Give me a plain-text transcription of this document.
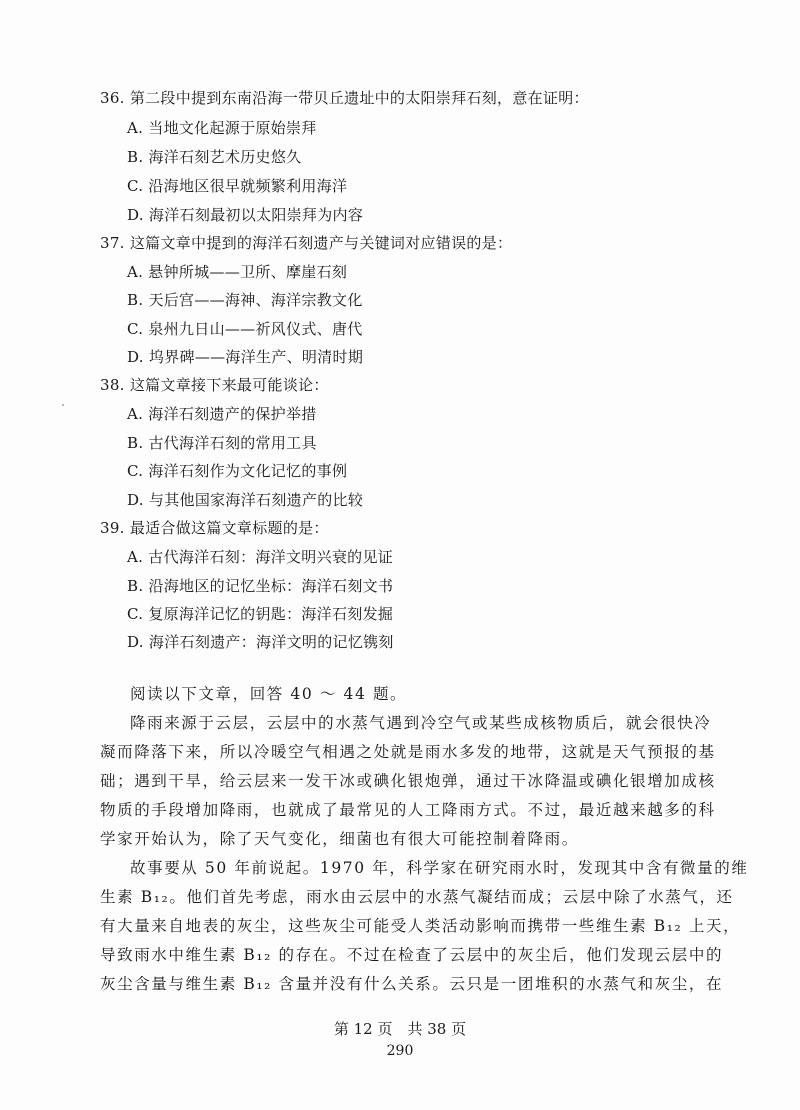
36. 第二段中提到东南沿海一带贝丘遗址中的太阳崇拜石刻，意在证明：
A. 当地文化起源于原始崇拜
B. 海洋石刻艺术历史悠久
C. 沿海地区很早就频繁利用海洋
D. 海洋石刻最初以太阳崇拜为内容
37. 这篇文章中提到的海洋石刻遗产与关键词对应错误的是：
A. 悬钟所城——卫所、摩崖石刻
B. 天后宫——海神、海洋宗教文化
C. 泉州九日山——祈风仪式、唐代
D. 坞界碑——海洋生产、明清时期
38. 这篇文章接下来最可能谈论：
A. 海洋石刻遗产的保护举措
B. 古代海洋石刻的常用工具
C. 海洋石刻作为文化记忆的事例
D. 与其他国家海洋石刻遗产的比较
39. 最适合做这篇文章标题的是：
A. 古代海洋石刻：海洋文明兴衰的见证
B. 沿海地区的记忆坐标：海洋石刻文书
C. 复原海洋记忆的钥匙：海洋石刻发掘
D. 海洋石刻遗产：海洋文明的记忆镌刻
阅读以下文章，回答 40 ～ 44 题。
降雨来源于云层，云层中的水蒸气遇到冷空气或某些成核物质后，就会很快冷
凝而降落下来，所以冷暖空气相遇之处就是雨水多发的地带，这就是天气预报的基
础；遇到干旱，给云层来一发干冰或碘化银炮弹，通过干冰降温或碘化银增加成核
物质的手段增加降雨，也就成了最常见的人工降雨方式。不过，最近越来越多的科
学家开始认为，除了天气变化，细菌也有很大可能控制着降雨。
故事要从 50 年前说起。1970 年，科学家在研究雨水时，发现其中含有微量的维
生素 B₁₂。他们首先考虑，雨水由云层中的水蒸气凝结而成；云层中除了水蒸气，还
有大量来自地表的灰尘，这些灰尘可能受人类活动影响而携带一些维生素 B₁₂ 上天，
导致雨水中维生素 B₁₂ 的存在。不过在检查了云层中的灰尘后，他们发现云层中的
灰尘含量与维生素 B₁₂ 含量并没有什么关系。云只是一团堆积的水蒸气和灰尘，在
第 12 页　共 38 页
290
